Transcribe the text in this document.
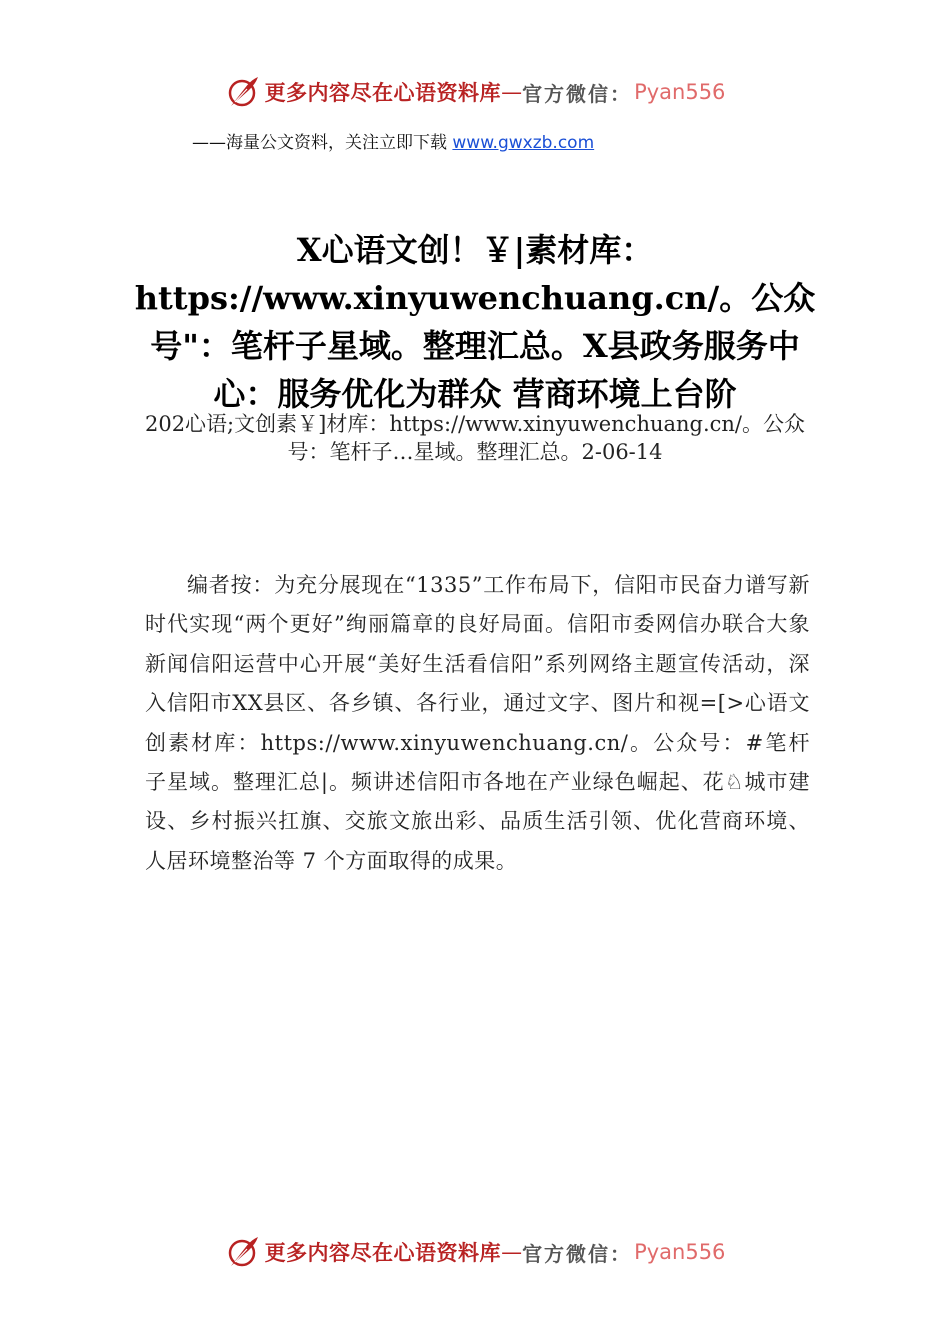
更多内容尽在心语资料库 — 官方微信： Pyan556
——海量公文资料，关注立即下载 www.gwxzb.com
X心语文创！￥|素材库：https://www.xinyuwenchuang.cn/。公众号"：笔杆子星域。整理汇总。X县政务服务中心：服务优化为群众 营商环境上台阶
202心语;文创素￥]材库：https://www.xinyuwenchuang.cn/。公众号：笔杆子…星域。整理汇总。2-06-14
编者按：为充分展现在“1335”工作布局下，信阳市民奋力谱写新时代实现“两个更好”绚丽篇章的良好局面。信阳市委网信办联合大象新闻信阳运营中心开展“美好生活看信阳”系列网络主题宣传活动，深入信阳市XX县区、各乡镇、各行业，通过文字、图片和视=[>心语文创素材库：https://www.xinyuwenchuang.cn/。公众号：#笔杆子星域。整理汇总|。频讲述信阳市各地在产业绿色崛起、花♘城市建设、乡村振兴扛旗、交旅文旅出彩、品质生活引领、优化营商环境、人居环境整治等 7 个方面取得的成果。
更多内容尽在心语资料库 — 官方微信： Pyan556
